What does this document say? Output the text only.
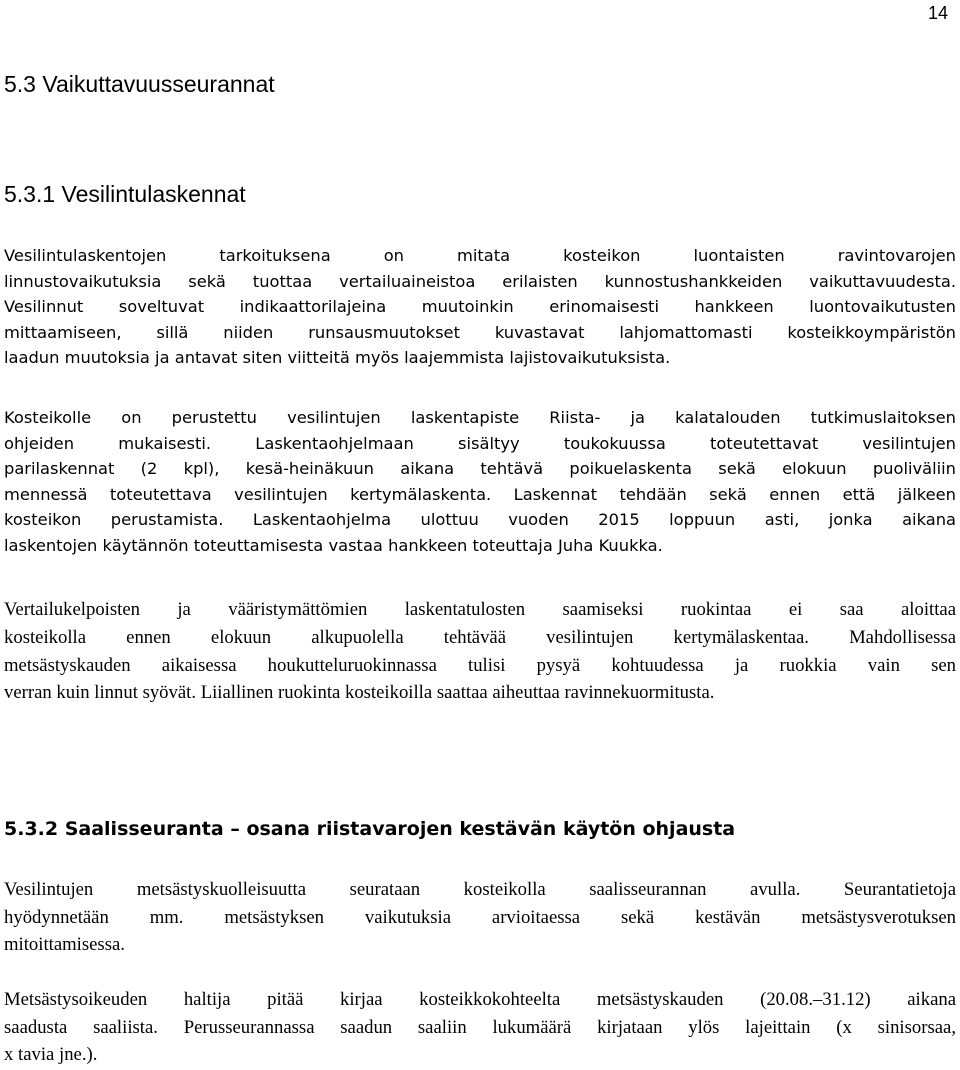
14
5.3 Vaikuttavuusseurannat
5.3.1 Vesilintulaskennat
Vesilintulaskentojen tarkoituksena on mitata kosteikon luontaisten ravintovarojen
linnustovaikutuksia sekä tuottaa vertailuaineistoa erilaisten kunnostushankkeiden vaikuttavuudesta.
Vesilinnut soveltuvat indikaattorilajeina muutoinkin erinomaisesti hankkeen luontovaikutusten
mittaamiseen, sillä niiden runsausmuutokset kuvastavat lahjomattomasti kosteikkoympäristön
laadun muutoksia ja antavat siten viitteitä myös laajemmista lajistovaikutuksista.
Kosteikolle on perustettu vesilintujen laskentapiste Riista- ja kalatalouden tutkimuslaitoksen
ohjeiden mukaisesti. Laskentaohjelmaan sisältyy toukokuussa toteutettavat vesilintujen
parilaskennat (2 kpl), kesä-heinäkuun aikana tehtävä poikuelaskenta sekä elokuun puoliväliin
mennessä toteutettava vesilintujen kertymälaskenta. Laskennat tehdään sekä ennen että jälkeen
kosteikon perustamista. Laskentaohjelma ulottuu vuoden 2015 loppuun asti, jonka aikana
laskentojen käytännön toteuttamisesta vastaa hankkeen toteuttaja Juha Kuukka.
Vertailukelpoisten ja vääristymättömien laskentatulosten saamiseksi ruokintaa ei saa aloittaa
kosteikolla ennen elokuun alkupuolella tehtävää vesilintujen kertymälaskentaa. Mahdollisessa
metsästyskauden aikaisessa houkutteluruokinnassa tulisi pysyä kohtuudessa ja ruokkia vain sen
verran kuin linnut syövät. Liiallinen ruokinta kosteikoilla saattaa aiheuttaa ravinnekuormitusta.
5.3.2 Saalisseuranta – osana riistavarojen kestävän käytön ohjausta
Vesilintujen metsästyskuolleisuutta seurataan kosteikolla saalisseurannan avulla. Seurantatietoja
hyödynnetään mm. metsästyksen vaikutuksia arvioitaessa sekä kestävän metsästysverotuksen
mitoittamisessa.
Metsästysoikeuden haltija pitää kirjaa kosteikkokohteelta metsästyskauden (20.08.–31.12) aikana
saadusta saaliista. Perusseurannassa saadun saaliin lukumäärä kirjataan ylös lajeittain (x sinisorsaa,
x tavia jne.).
